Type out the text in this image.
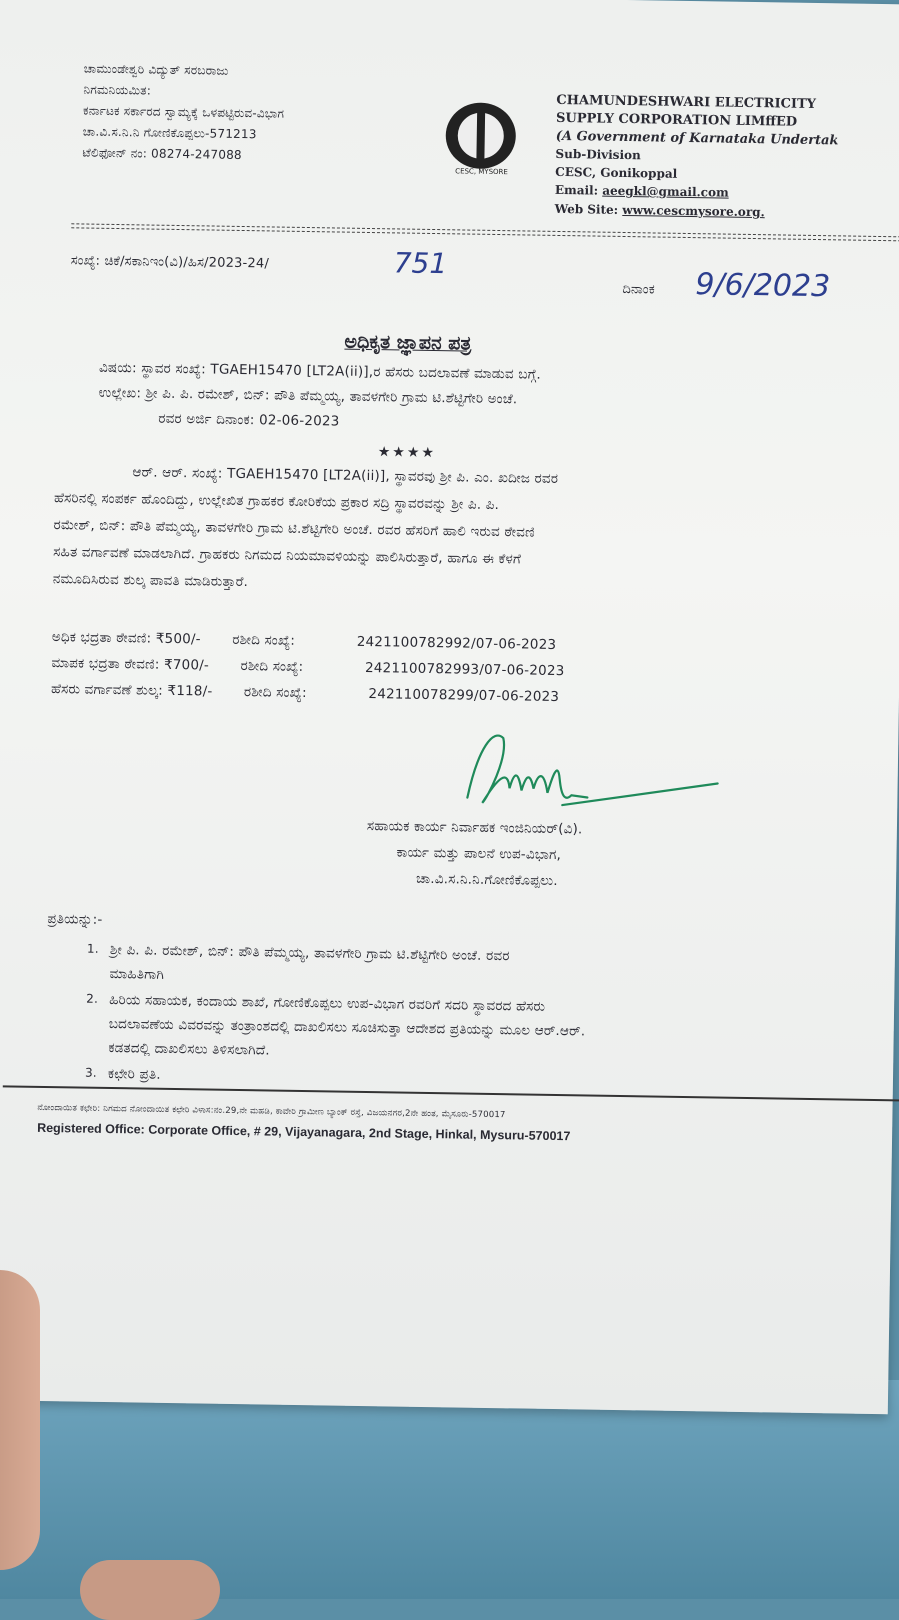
ಚಾಮುಂಡೇಶ್ವರಿ ವಿದ್ಯುತ್ ಸರಬರಾಜು
ನಿಗಮನಿಯಮಿತ:
ಕರ್ನಾಟಕ ಸರ್ಕಾರದ ಸ್ವಾಮ್ಯಕ್ಕೆ ಒಳಪಟ್ಟಿರುವ-ವಿಭಾಗ
ಚಾ.ವಿ.ಸ.ನಿ.ನಿ ಗೋಣಿಕೊಪ್ಪಲು-571213
ಟೆಲಿಫೋನ್ ನಂ: 08274-247088
CESC, MYSORE
CHAMUNDESHWARI ELECTRICITY
SUPPLY CORPORATION LIMffED
(A Government of Karnataka Undertak
Sub-Division
CESC, Gonikoppal
Email: aeegkl@gmail.com
Web Site: www.cescmysore.org.
ಸಂಖ್ಯೆ: ಚಿಕೆ/ಸಕಾನಿಇಂ(ವಿ)/ಹಿಸ/2023-24/	751
ದಿನಾಂಕ 9/6/2023
ಅಧಿಕೃತ ಜ್ಞಾಪನ ಪತ್ರ
ವಿಷಯ: ಸ್ಥಾವರ ಸಂಖ್ಯೆ: TGAEH15470 [LT2A(ii)],ರ ಹೆಸರು ಬದಲಾವಣೆ ಮಾಡುವ ಬಗ್ಗೆ.
ಉಲ್ಲೇಖ: ಶ್ರೀ ಪಿ. ಪಿ. ರಮೇಶ್, ಬಿನ್: ಪೌತಿ ಪೆಮ್ಮಯ್ಯ, ತಾವಳಗೇರಿ ಗ್ರಾಮ ಟಿ.ಶೆಟ್ಟಿಗೇರಿ ಅಂಚೆ.
ರವರ ಅರ್ಜಿ ದಿನಾಂಕ: 02-06-2023
★★★★
ಆರ್. ಆರ್. ಸಂಖ್ಯೆ: TGAEH15470 [LT2A(ii)], ಸ್ಥಾವರವು ಶ್ರೀ ಪಿ. ಎಂ. ಖದೀಜ ರವರ
ಹೆಸರಿನಲ್ಲಿ ಸಂಪರ್ಕ ಹೊಂದಿದ್ದು, ಉಲ್ಲೇಖಿತ ಗ್ರಾಹಕರ ಕೋರಿಕೆಯ ಪ್ರಕಾರ ಸದ್ರಿ ಸ್ಥಾವರವನ್ನು ಶ್ರೀ ಪಿ. ಪಿ.
ರಮೇಶ್, ಬಿನ್: ಪೌತಿ ಪೆಮ್ಮಯ್ಯ, ತಾವಳಗೇರಿ ಗ್ರಾಮ ಟಿ.ಶೆಟ್ಟಿಗೇರಿ ಅಂಚೆ. ರವರ ಹೆಸರಿಗೆ ಹಾಲಿ ಇರುವ ಠೇವಣಿ
ಸಹಿತ ವರ್ಗಾವಣೆ ಮಾಡಲಾಗಿದೆ. ಗ್ರಾಹಕರು ನಿಗಮದ ನಿಯಮಾವಳಿಯನ್ನು ಪಾಲಿಸಿರುತ್ತಾರೆ, ಹಾಗೂ ಈ ಕೆಳಗೆ
ನಮೂದಿಸಿರುವ ಶುಲ್ಕ ಪಾವತಿ ಮಾಡಿರುತ್ತಾರೆ.
ಅಧಿಕ ಭದ್ರತಾ ಠೇವಣಿ: ₹500/- ರಶೀದಿ ಸಂಖ್ಯೆ:	2421100782992/07-06-2023
ಮಾಪಕ ಭದ್ರತಾ ಠೇವಣಿ: ₹700/- ರಶೀದಿ ಸಂಖ್ಯೆ:	2421100782993/07-06-2023
ಹೆಸರು ವರ್ಗಾವಣೆ ಶುಲ್ಕ: ₹118/- ರಶೀದಿ ಸಂಖ್ಯೆ:	242110078299/07-06-2023
ಸಹಾಯಕ ಕಾರ್ಯ ನಿರ್ವಾಹಕ ಇಂಜಿನಿಯರ್(ವಿ).
ಕಾರ್ಯ ಮತ್ತು ಪಾಲನೆ ಉಪ-ವಿಭಾಗ,
ಚಾ.ವಿ.ಸ.ನಿ.ನಿ.ಗೋಣಿಕೊಪ್ಪಲು.
ಪ್ರತಿಯನ್ನು:-
1. ಶ್ರೀ ಪಿ. ಪಿ. ರಮೇಶ್, ಬಿನ್: ಪೌತಿ ಪೆಮ್ಮಯ್ಯ, ತಾವಳಗೇರಿ ಗ್ರಾಮ ಟಿ.ಶೆಟ್ಟಿಗೇರಿ ಅಂಚೆ. ರವರ
ಮಾಹಿತಿಗಾಗಿ
2. ಹಿರಿಯ ಸಹಾಯಕ, ಕಂದಾಯ ಶಾಖೆ, ಗೋಣಿಕೊಪ್ಪಲು ಉಪ-ವಿಭಾಗ ರವರಿಗೆ ಸದರಿ ಸ್ಥಾವರದ ಹೆಸರು
ಬದಲಾವಣೆಯ ವಿವರವನ್ನು ತಂತ್ರಾಂಶದಲ್ಲಿ ದಾಖಲಿಸಲು ಸೂಚಿಸುತ್ತಾ ಆದೇಶದ ಪ್ರತಿಯನ್ನು ಮೂಲ ಆರ್.ಆರ್.
ಕಡತದಲ್ಲಿ ದಾಖಲಿಸಲು ತಿಳಿಸಲಾಗಿದೆ.
3. ಕಛೇರಿ ಪ್ರತಿ.
ನೋಂದಾಯಿತ ಕಛೇರಿ: ನಿಗಮದ ನೋಂದಾಯಿತ ಕಛೇರಿ ವಿಳಾಸ:ನಂ.29,ನೇ ಮಹಡಿ, ಕಾವೇರಿ ಗ್ರಾಮೀಣ ಬ್ಯಾಂಕ್ ರಸ್ತೆ, ವಿಜಯನಗರ,2ನೇ ಹಂತ, ಮೈಸೂರು-570017
Registered Office: Corporate Office, # 29, Vijayanagara, 2nd Stage, Hinkal, Mysuru-570017
